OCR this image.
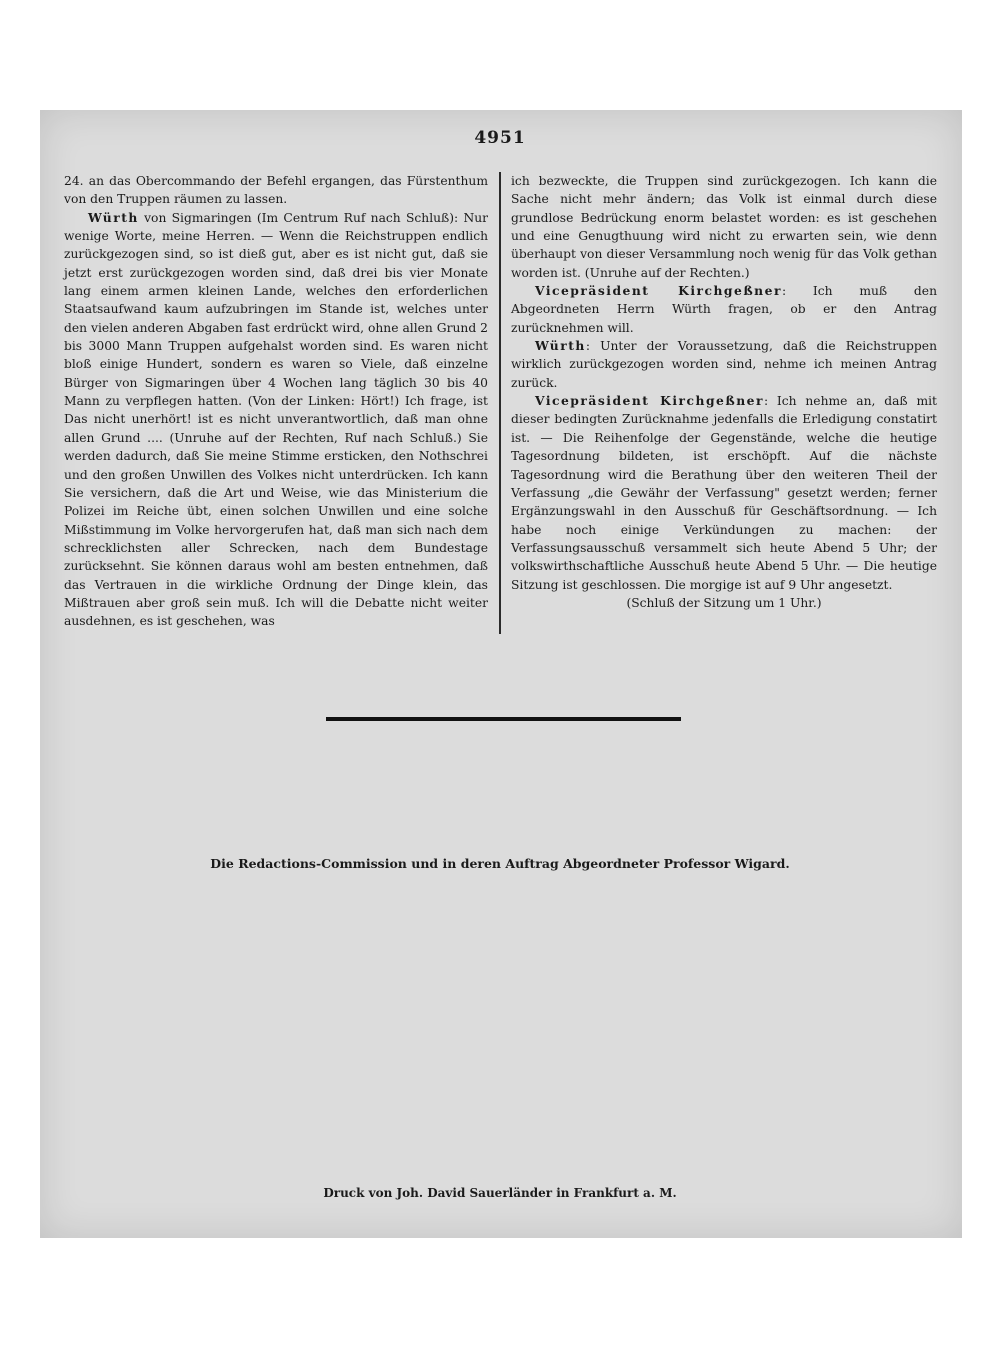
4951

24. an das Obercommando der Befehl ergangen, das Fürstenthum von den Truppen räumen zu lassen.

Würth von Sigmaringen (Im Centrum Ruf nach Schluß): Nur wenige Worte, meine Herren. — Wenn die Reichstruppen endlich zurückgezogen sind, so ist dieß gut, aber es ist nicht gut, daß sie jetzt erst zurückgezogen worden sind, daß drei bis vier Monate lang einem armen kleinen Lande, welches den erforderlichen Staatsaufwand kaum aufzubringen im Stande ist, welches unter den vielen anderen Abgaben fast erdrückt wird, ohne allen Grund 2 bis 3000 Mann Truppen aufgehalst worden sind. Es waren nicht bloß einige Hundert, sondern es waren so Viele, daß einzelne Bürger von Sigmaringen über 4 Wochen lang täglich 30 bis 40 Mann zu verpflegen hatten. (Von der Linken: Hört!) Ich frage, ist Das nicht unerhört! ist es nicht unverantwortlich, daß man ohne allen Grund .... (Unruhe auf der Rechten, Ruf nach Schluß.) Sie werden dadurch, daß Sie meine Stimme ersticken, den Nothschrei und den großen Unwillen des Volkes nicht unterdrücken. Ich kann Sie versichern, daß die Art und Weise, wie das Ministerium die Polizei im Reiche übt, einen solchen Unwillen und eine solche Mißstimmung im Volke hervorgerufen hat, daß man sich nach dem schrecklichsten aller Schrecken, nach dem Bundestage zurücksehnt. Sie können daraus wohl am besten entnehmen, daß das Vertrauen in die wirkliche Ordnung der Dinge klein, das Mißtrauen aber groß sein muß. Ich will die Debatte nicht weiter ausdehnen, es ist geschehen, was

ich bezweckte, die Truppen sind zurückgezogen. Ich kann die Sache nicht mehr ändern; das Volk ist einmal durch diese grundlose Bedrückung enorm belastet worden: es ist geschehen und eine Genugthuung wird nicht zu erwarten sein, wie denn überhaupt von dieser Versammlung noch wenig für das Volk gethan worden ist. (Unruhe auf der Rechten.)

Vicepräsident Kirchgeßner: Ich muß den Abgeordneten Herrn Würth fragen, ob er den Antrag zurücknehmen will.

Würth: Unter der Voraussetzung, daß die Reichstruppen wirklich zurückgezogen worden sind, nehme ich meinen Antrag zurück.

Vicepräsident Kirchgeßner: Ich nehme an, daß mit dieser bedingten Zurücknahme jedenfalls die Erledigung constatirt ist. — Die Reihenfolge der Gegenstände, welche die heutige Tagesordnung bildeten, ist erschöpft. Auf die nächste Tagesordnung wird die Berathung über den weiteren Theil der Verfassung „die Gewähr der Verfassung" gesetzt werden; ferner Ergänzungswahl in den Ausschuß für Geschäftsordnung. — Ich habe noch einige Verkündungen zu machen: der Verfassungsausschuß versammelt sich heute Abend 5 Uhr; der volkswirthschaftliche Ausschuß heute Abend 5 Uhr. — Die heutige Sitzung ist geschlossen. Die morgige ist auf 9 Uhr angesetzt.

(Schluß der Sitzung um 1 Uhr.)

Die Redactions-Commission und in deren Auftrag Abgeordneter Professor Wigard.
Druck von Joh. David Sauerländer in Frankfurt a. M.
